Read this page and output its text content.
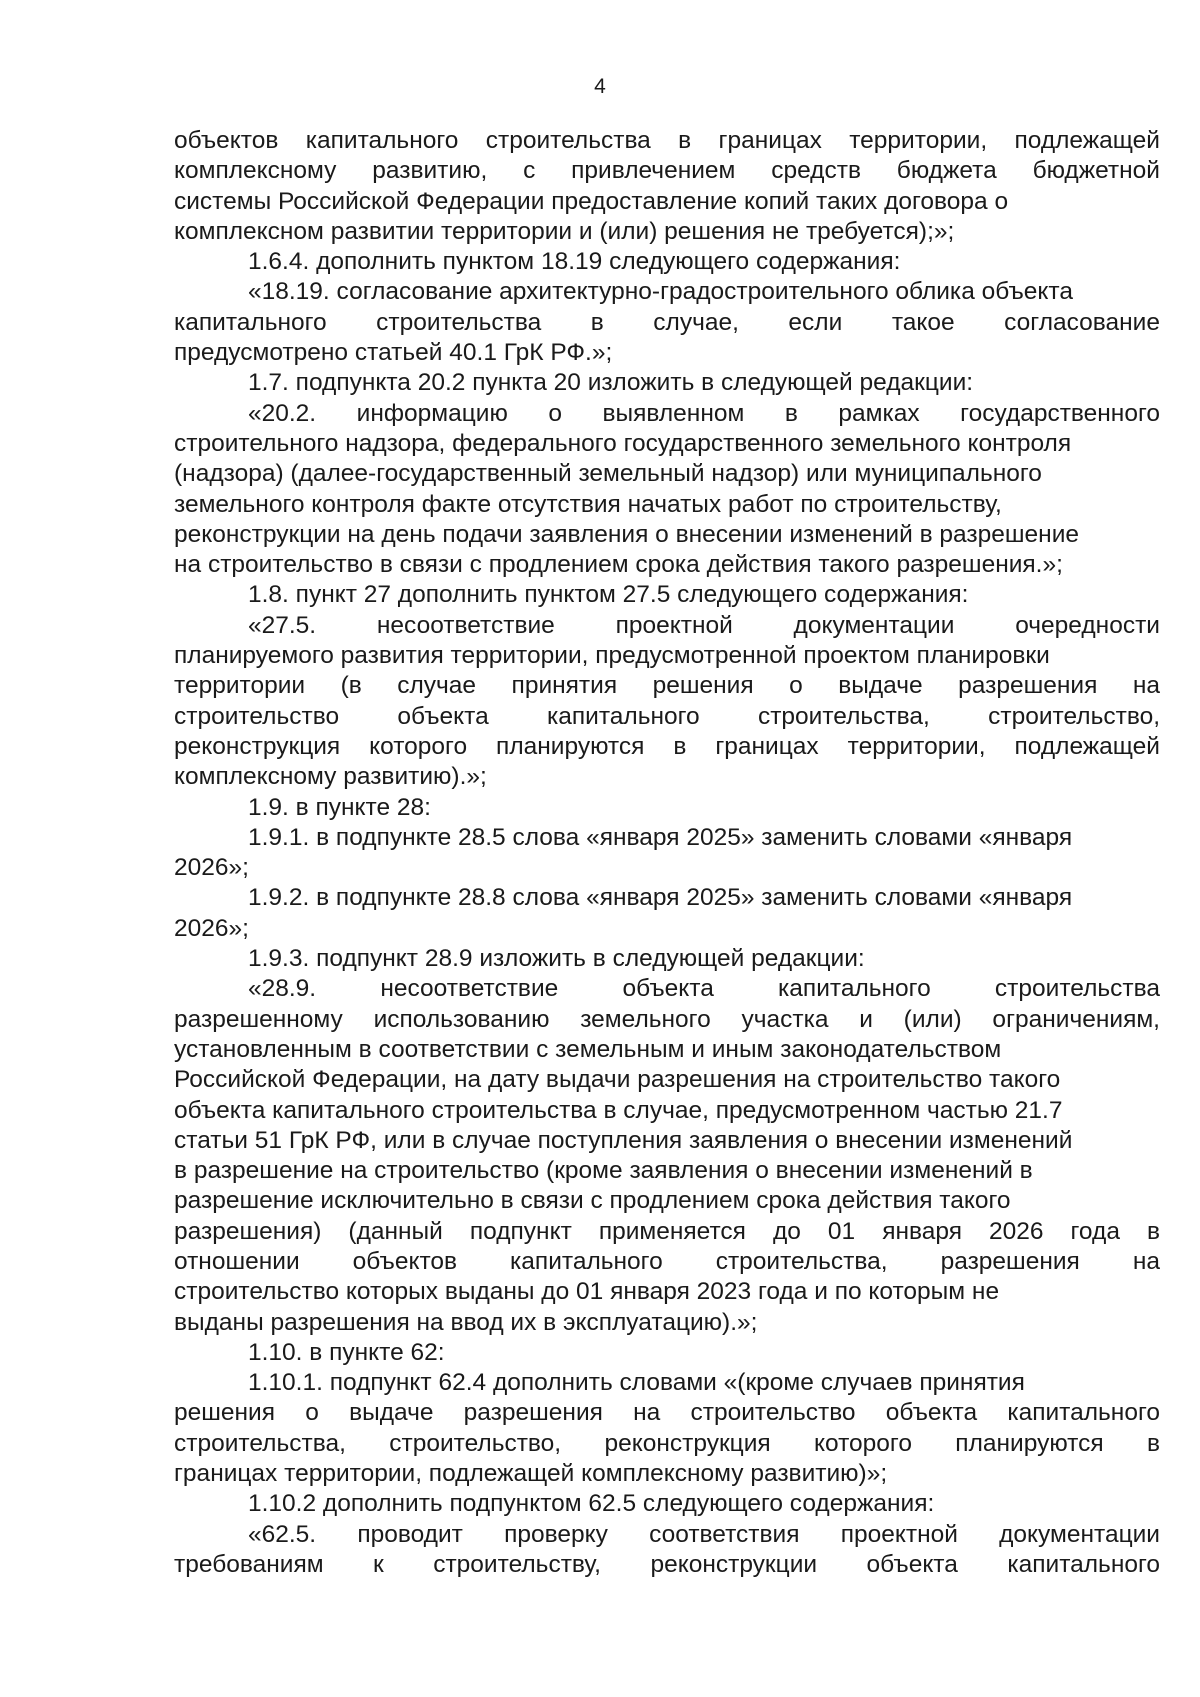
4
объектов капитального строительства в границах территории, подлежащей
комплексному развитию, с привлечением средств бюджета бюджетной
системы Российской Федерации предоставление копий таких договора о
комплексном развитии территории и (или) решения не требуется);»;
1.6.4. дополнить пунктом 18.19 следующего содержания:
«18.19. согласование архитектурно-градостроительного облика объекта
капитального строительства в случае, если такое согласование
предусмотрено статьей 40.1 ГрК РФ.»;
1.7. подпункта 20.2 пункта 20 изложить в следующей редакции:
«20.2. информацию о выявленном в рамках государственного
строительного надзора, федерального государственного земельного контроля
(надзора) (далее-государственный земельный надзор) или муниципального
земельного контроля факте отсутствия начатых работ по строительству,
реконструкции на день подачи заявления о внесении изменений в разрешение
на строительство в связи с продлением срока действия такого разрешения.»;
1.8. пункт 27 дополнить пунктом 27.5 следующего содержания:
«27.5. несоответствие проектной документации очередности
планируемого развития территории, предусмотренной проектом планировки
территории (в случае принятия решения о выдаче разрешения на
строительство объекта капитального строительства, строительство,
реконструкция которого планируются в границах территории, подлежащей
комплексному развитию).»;
1.9. в пункте 28:
1.9.1. в подпункте 28.5 слова «января 2025» заменить словами «января
2026»;
1.9.2. в подпункте 28.8 слова «января 2025» заменить словами «января
2026»;
1.9.3. подпункт 28.9 изложить в следующей редакции:
«28.9. несоответствие объекта капитального строительства
разрешенному использованию земельного участка и (или) ограничениям,
установленным в соответствии с земельным и иным законодательством
Российской Федерации, на дату выдачи разрешения на строительство такого
объекта капитального строительства в случае, предусмотренном частью 21.7
статьи 51 ГрК РФ, или в случае поступления заявления о внесении изменений
в разрешение на строительство (кроме заявления о внесении изменений в
разрешение исключительно в связи с продлением срока действия такого
разрешения) (данный подпункт применяется до 01 января 2026 года в
отношении объектов капитального строительства, разрешения на
строительство которых выданы до 01 января 2023 года и по которым не
выданы разрешения на ввод их в эксплуатацию).»;
1.10. в пункте 62:
1.10.1. подпункт 62.4 дополнить словами «(кроме случаев принятия
решения о выдаче разрешения на строительство объекта капитального
строительства, строительство, реконструкция которого планируются в
границах территории, подлежащей комплексному развитию)»;
1.10.2 дополнить подпунктом 62.5 следующего содержания:
«62.5. проводит проверку соответствия проектной документации
требованиям к строительству, реконструкции объекта капитального
